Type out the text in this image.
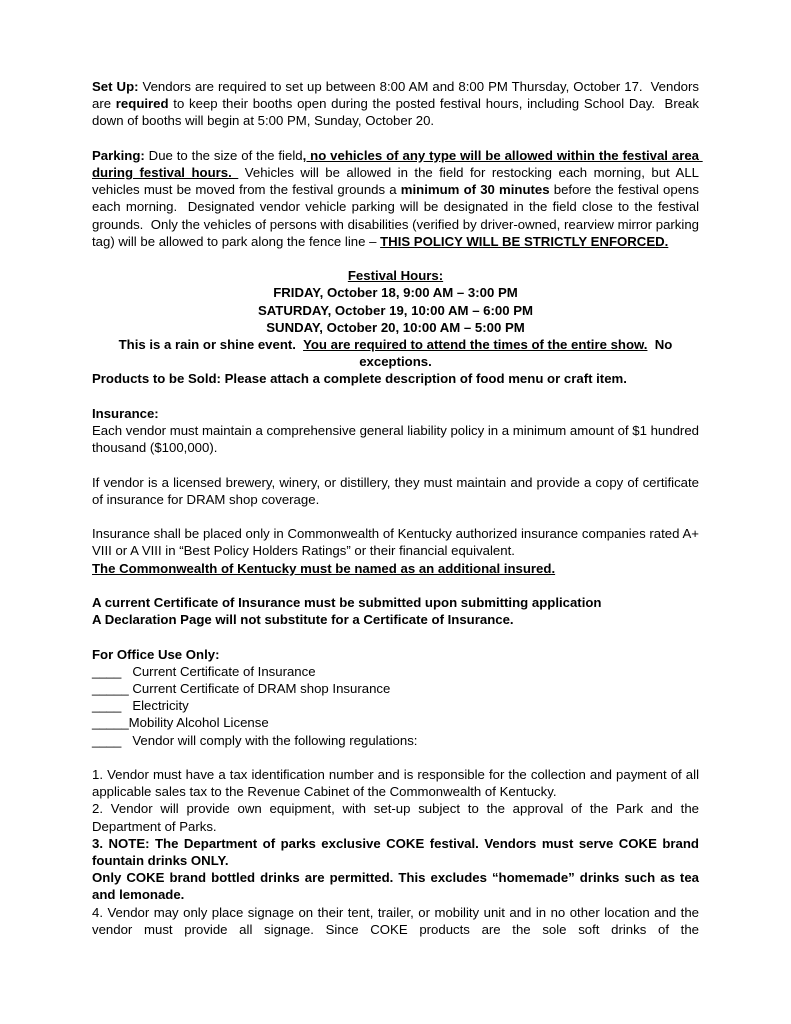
Set Up: Vendors are required to set up between 8:00 AM and 8:00 PM Thursday, October 17.  Vendors are required to keep their booths open during the posted festival hours, including School Day.  Break down of booths will begin at 5:00 PM, Sunday, October 20.

Parking: Due to the size of the field, no vehicles of any type will be allowed within the festival area during festival hours.  Vehicles will be allowed in the field for restocking each morning, but ALL vehicles must be moved from the festival grounds a minimum of 30 minutes before the festival opens each morning.  Designated vendor vehicle parking will be designated in the field close to the festival grounds.  Only the vehicles of persons with disabilities (verified by driver-owned, rearview mirror parking tag) will be allowed to park along the fence line – THIS POLICY WILL BE STRICTLY ENFORCED.

Festival Hours:

FRIDAY, October 18, 9:00 AM – 3:00 PM

SATURDAY, October 19, 10:00 AM – 6:00 PM

SUNDAY, October 20, 10:00 AM – 5:00 PM

This is a rain or shine event.  You are required to attend the times of the entire show.  No exceptions.

Products to be Sold: Please attach a complete description of food menu or craft item.

Insurance:

Each vendor must maintain a comprehensive general liability policy in a minimum amount of $1 hundred thousand ($100,000).

If vendor is a licensed brewery, winery, or distillery, they must maintain and provide a copy of certificate of insurance for DRAM shop coverage.

Insurance shall be placed only in Commonwealth of Kentucky authorized insurance companies rated A+ VIII or A VIII in “Best Policy Holders Ratings” or their financial equivalent.

The Commonwealth of Kentucky must be named as an additional insured.

A current Certificate of Insurance must be submitted upon submitting application

A Declaration Page will not substitute for a Certificate of Insurance.

For Office Use Only:

____   Current Certificate of Insurance

_____ Current Certificate of DRAM shop Insurance

____   Electricity

_____Mobility Alcohol License

____   Vendor will comply with the following regulations:

1. Vendor must have a tax identification number and is responsible for the collection and payment of all applicable sales tax to the Revenue Cabinet of the Commonwealth of Kentucky.

2. Vendor will provide own equipment, with set-up subject to the approval of the Park and the Department of Parks.

3. NOTE: The Department of parks exclusive COKE festival. Vendors must serve COKE brand fountain drinks ONLY.

Only COKE brand bottled drinks are permitted. This excludes “homemade” drinks such as tea and lemonade.

4. Vendor may only place signage on their tent, trailer, or mobility unit and in no other location and the vendor must provide all signage. Since COKE products are the sole soft drinks of the
